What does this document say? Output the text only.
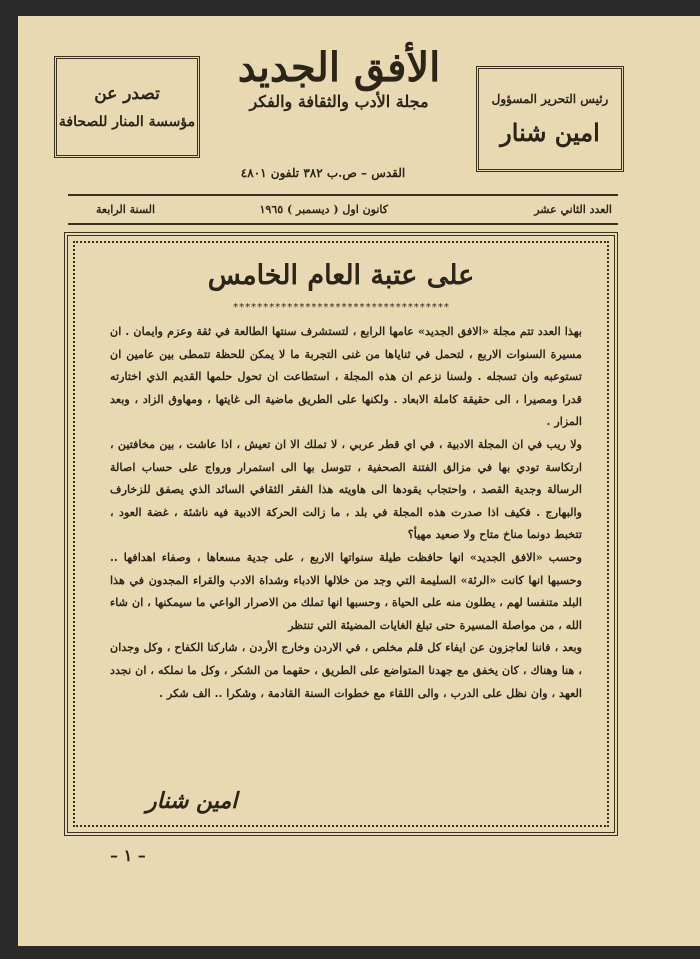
تصدر عن
مؤسسة المنار للصحافة
الأفق الجديد
مجلة الأدب والثقافة والفكر	رئيس التحرير المسؤول
امين شنار
القدس – ص.ب ٣٨٢ تلفون ٤٨٠١
العدد الثاني عشر
كانون اول ( ديسمبر ) ١٩٦٥
السنة الرابعة
على عتبة العام الخامس
************************************

بهذا العدد تتم مجلة «الافق الجديد» عامها الرابع ، لتستشرف سنتها الطالعة في ثقة وعزم وايمان . ان مسيرة السنوات الاربع ، لتحمل في ثناياها من غنى التجربة ما لا يمكن للحظة تتمطى بين عامين ان تستوعبه وان تسجله . ولسنا نزعم ان هذه المجلة ، استطاعت ان تحول حلمها القديم الذي اختارته قدرا ومصيرا ، الى حقيقة كاملة الابعاد . ولكنها على الطريق ماضية الى غايتها ، ومهاوق الزاد ، وبعد المزار .

ولا ريب في ان المجلة الادبية ، في اي قطر عربي ، لا تملك الا ان تعيش ، اذا عاشت ، بين مخافتين ، ارتكاسة تودي بها في مزالق الفتنة الصحفية ، تتوسل بها الى استمرار ورواج على حساب اصالة الرسالة وجدية القصد ، واحتجاب يقودها الى هاويته هذا الفقر الثقافي السائد الذي يصفق للزخارف والبهارج . فكيف اذا صدرت هذه المجلة في بلد ، ما زالت الحركة الادبية فيه ناشئة ، غضة العود ، تتخبط دونما مناخ متاح ولا صعيد مهيأ؟

وحسب «الافق الجديد» انها حافظت طيلة سنواتها الاربع ، على جدية مسعاها ، وصفاء اهدافها .. وحسبها انها كانت «الرئة» السليمة التي وجد من خلالها الادباء وشداة الادب والقراء المجدون في هذا البلد متنفسا لهم ، يطلون منه على الحياة ، وحسبها انها تملك من الاصرار الواعي ما سيمكنها ، ان شاء الله ، من مواصلة المسيرة حتى تبلغ الغايات المضيئة التي تنتظر

وبعد ، فاننا لعاجزون عن ايفاء كل قلم مخلص ، في الاردن وخارج الأردن ، شاركنا الكفاح ، وكل وجدان ، هنا وهناك ، كان يخفق مع جهدنا المتواضع على الطريق ، حقهما من الشكر ، وكل ما نملكه ، ان نجدد العهد ، وان نظل على الدرب ، والى اللقاء مع خطوات السنة القادمة ، وشكرا .. الف شكر .

امين شنار
– ١ –
